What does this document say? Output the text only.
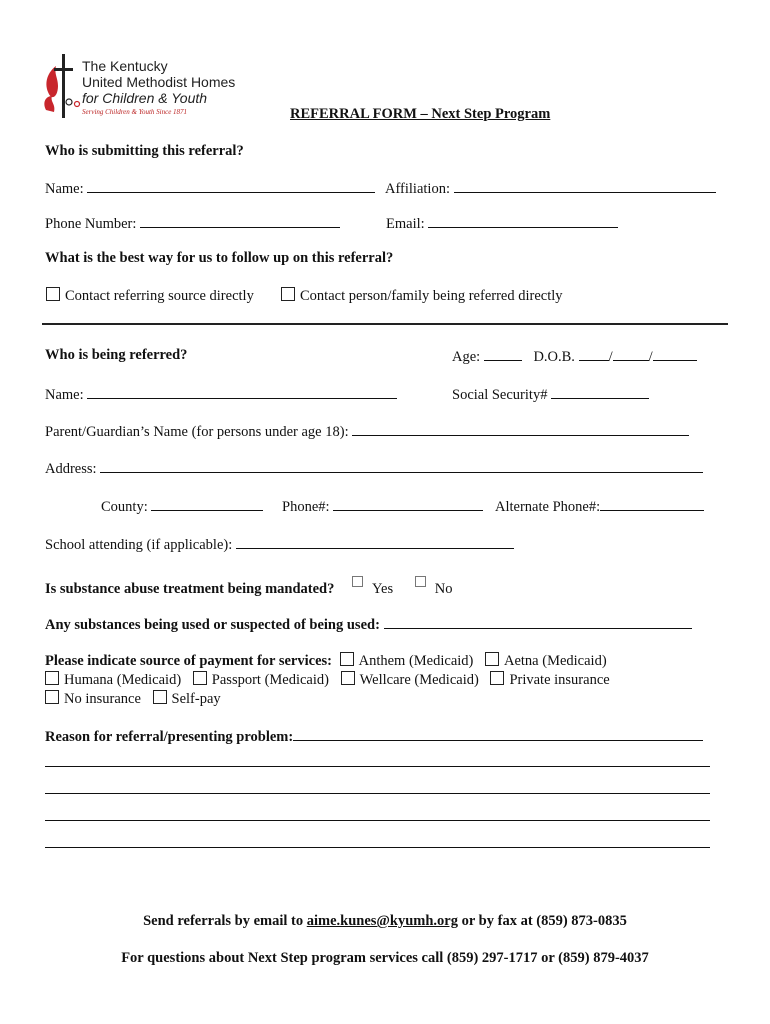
The Kentucky
United Methodist Homes
for Children & Youth
Serving Children & Youth Since 1871	REFERRAL FORM – Next Step Program
Who is submitting this referral?
Name:	Affiliation:
Phone Number:	Email:
What is the best way for us to follow up on this referral?
Contact referring source directly	Contact person/family being referred directly
Who is being referred?	Age:	D.O.B. / /
Name:	Social Security#
Parent/Guardian’s Name (for persons under age 18):
Address:
County:	Phone#:	Alternate Phone#:
School attending (if applicable):
Is substance abuse treatment being mandated?	Yes	No
Any substances being used or suspected of being used:
Please indicate source of payment for services: Anthem (Medicaid) Aetna (Medicaid)
Humana (Medicaid) Passport (Medicaid) Wellcare (Medicaid) Private insurance
No insurance Self-pay
Reason for referral/presenting problem:
Send referrals by email to aime.kunes@kyumh.org or by fax at (859) 873-0835
For questions about Next Step program services call (859) 297-1717 or (859) 879-4037
